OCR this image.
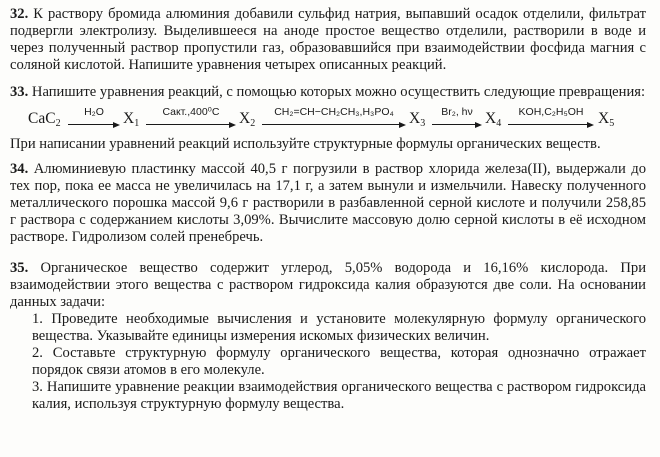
32. К раствору бромида алюминия добавили сульфид натрия, выпавший осадок отделили, фильтрат подвергли электролизу. Выделившееся на аноде простое вещество отделили, растворили в воде и через полученный раствор пропустили газ, образовавшийся при взаимодействии фосфида магния с соляной кислотой. Напишите уравнения четырех описанных реакций.

33. Напишите уравнения реакций, с помощью которых можно осуществить следующие превращения:

CaC$_2$
H₂O	$X_1$
Cакт.,400⁰C	$X_2$
CH₂=CH−CH₂CH₃,H₃PO₄ $X_3$
Br₂, hν $X_4$
KOH,C₂H₅OH $X_5$

При написании уравнений реакций используйте структурные формулы органических веществ.

34. Алюминиевую пластинку массой 40,5 г погрузили в раствор хлорида железа(II), выдержали до тех пор, пока ее масса не увеличилась на 17,1 г, а затем вынули и измельчили. Навеску полученного металлического порошка массой 9,6 г растворили в разбавленной серной кислоте и получили 258,85 г раствора с содержанием кислоты 3,09%. Вычислите массовую долю серной кислоты в её исходном растворе. Гидролизом солей пренебречь.

35. Органическое вещество содержит углерод, 5,05% водорода и 16,16% кислорода. При взаимодействии этого вещества с раствором гидроксида калия образуются две соли. На основании данных задачи:

1. Проведите необходимые вычисления и установите молекулярную формулу органического вещества. Указывайте единицы измерения искомых физических величин.

2. Составьте структурную формулу органического вещества, которая однозначно отражает порядок связи атомов в его молекуле.

3. Напишите уравнение реакции взаимодействия органического вещества с раствором гидроксида калия, используя структурную формулу вещества.
